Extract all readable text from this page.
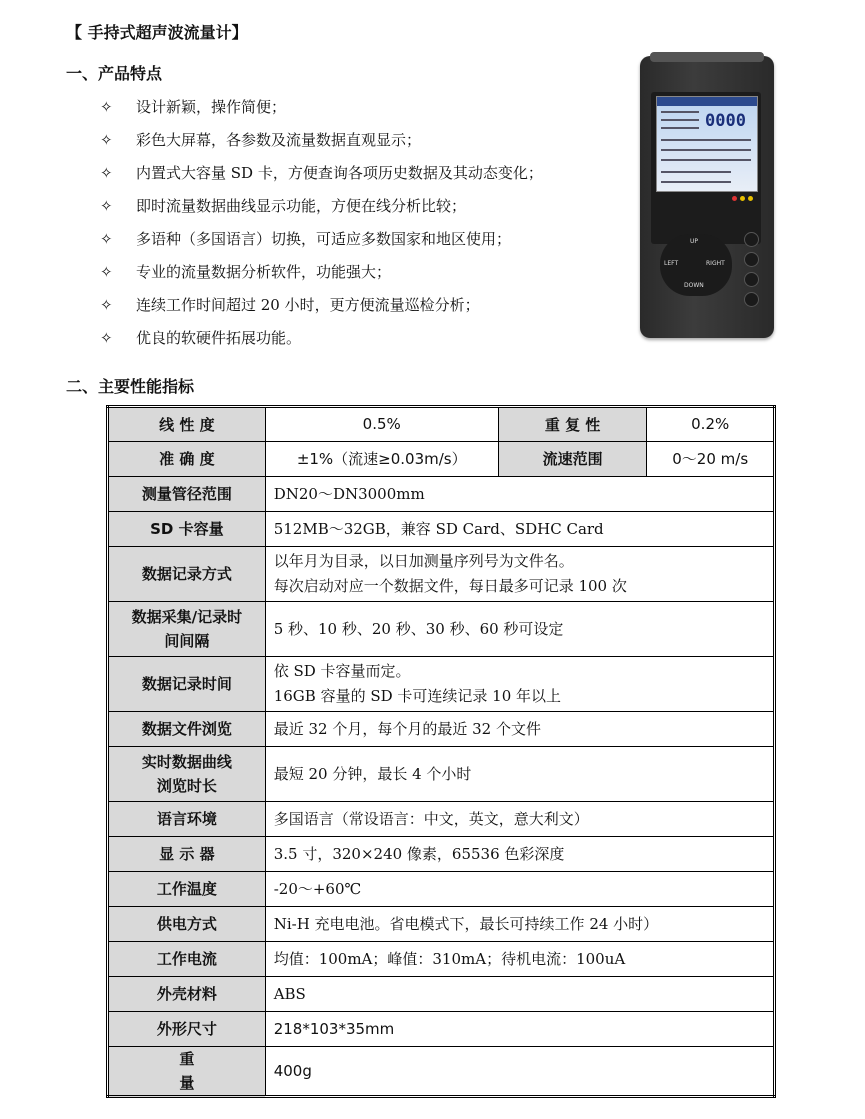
【 手持式超声波流量计】
一、产品特点
✧ 设计新颖，操作简便；
✧ 彩色大屏幕，各参数及流量数据直观显示；
✧ 内置式大容量 SD 卡，方便查询各项历史数据及其动态变化；
✧ 即时流量数据曲线显示功能，方便在线分析比较；
✧ 多语种（多国语言）切换，可适应多数国家和地区使用；
✧ 专业的流量数据分析软件，功能强大；
✧ 连续工作时间超过 20 小时，更方便流量巡检分析；
✧ 优良的软硬件拓展功能。
0000
UP
LEFT	RIGHT
DOWN
二、主要性能指标
线 性 度	0.5%	重 复 性	0.2%
准 确 度	±1%（流速≥0.03m/s）	流速范围	0～20 m/s

测量管径范围	DN20～DN3000mm		

SD 卡容量	512MB～32GB，兼容 SD Card、SDHC Card		

数据记录方式	以年月为目录，以日加测量序列号为文件名。
每次启动对应一个数据文件，每日最多可记录 100 次		

数据采集/记录时
间间隔	5 秒、10 秒、20 秒、30 秒、60 秒可设定		

数据记录时间	依 SD 卡容量而定。
16GB 容量的 SD 卡可连续记录 10 年以上		

数据文件浏览	最近 32 个月，每个月的最近 32 个文件		

实时数据曲线
浏览时长	最短 20 分钟，最长 4 个小时		

语言环境	多国语言（常设语言：中文，英文，意大利文）		

显 示 器	3.5 寸，320×240 像素，65536 色彩深度		

工作温度	-20～+60℃		

供电方式	Ni-H 充电电池。省电模式下，最长可持续工作 24 小时）		

工作电流	均值：100mA；峰值：310mA；待机电流：100uA		

外壳材料	ABS		

外形尺寸	218*103*35mm		

重 量	400g		
